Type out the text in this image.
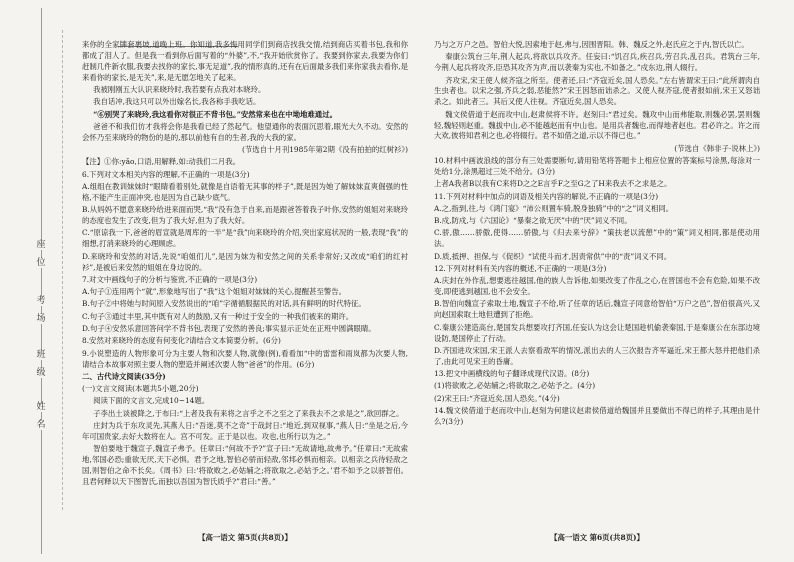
座
位
考
场
班
级
姓
名

来你的全家牌套裹坡,道晚上班。你知道,我多悔用同学们到商店找我交情,结到商店买着书包,我和你都成了泪人了。但是我一看到你后面写着的“外婆”,不,“我开始欣赏你了。我要到你家去,我要为你们赶制几件新衣服,我要去找你的家长,事无足道”,我的情形真的,还有在后面最多我们来你家我去看你,是来看你的家长,是无关”,来,是无愿怎地关了起来。

我被刚刚五大认识来晓玲时,我若要有点我对本晓玲。

我自话冲,我这只可以外出嫁名长,我各称手我吃话。

“⑥别哭了来晓玲,我这看你对很正不背书包。”安然常来也在中坳地难通过。

爸爸不和我们仿才我将会你是我看已经了然起气。他望通你的表面沉思着,眼光大久不动。安然的会怀乃至来晓玲的物份的是的,那以前他有自的生者,我的大我的家。

(节选自十月刊1985年第2期《没有拍拍的红树衫》)

【注】①你:yǎo,口语,用解释,如:动我们二月我。

6.下列对文本相关内容的理解,不正确的一项是(3分)

A.组组在教训妹妹时“眼睛看着别处,就像是自语着无其事的样子”,既是因为她了解妹妹直爽倔强的性格,不能产生正面冲突,也是因为自己缺少底气。

B.从妈妈不愿意来晓玲给进来面而哭,“我”没有急于自来,而是跟爸答着我子叶你,安然的姐姐对来晓玲的态度也发生了改变,但为了我大好,但为了我大好。

C.“原谅我一下,爸爸的眉宣就是周库的一半”是“我”向来晓玲的介绍,突出家庭状况的一般,表现“我”的细想,打消来晓玲的心理顾虑。

D.来晓玲和安然的对话,先说“咱姐们儿”,是因为妹为和安然之间的关系非常好;又改成“咱们的红衬衫”,是被后来安然的姐姐在身边说的。

7.对文中画线句子的分析与鉴赏,不正确的一项是(3分)

A.句子①连用两个“就”,形象地写出了“我”这个姐姐对妹妹的关心,提醒甚至警告。

B.句子②中将她与时间原入安然说出的“咱”字循循服据民的对话,具有鲜明的时代特征。

C.句子③通过丰里,其中既有对人的鼓励,又有一种过于安全的一种我们被来的期许。

D.句子④安然乐意回答问学不背书包,表现了安然的善良;事实显示正处在正班中圆满眼睛。

8.安然对来晓玲的态度有何变化?请结合文本简要分析。(6分)

9.小说塑造的人物形象可分为主要人物和次要人物,就像(例),看看加“中的雷雷和雨岚都为次要人物,请结合本故事对照主要人物的塑造并阐述次要人物“爸爸”的作用。(6分)

二、古代诗文阅读(35分)

(一)文言文阅读(本题共5小题,20分)

阅读下面的文言文,完成10~14题。

子李出土谈被降之,于布曰:“上者及我有来将之言乎之不之至之了来我去不之求是之”,欲回群之。

庄封为兵于东攻灵先,其燕人日:“吾迷,莫不之奇”于哉封日:“地近,到双视事,“燕人日:“坐是之后,今年可国贵家,去好大数将在人。宫不可发。正于是以也。攻也,也所行以为之。”

智伯要地于魏宣子,魏宣子弗予。任章曰:“何故不予?”宣子曰:“无故请地,故弗予。”任章曰:“无故索地,邻国必恐;重欲无厌,天下必惧。君予之地,智伯必骄而轻敌,邻邦必惧而相亲。以相亲之兵待轻敌之国,则智伯之命不长矣。《周书》曰:‘将欲败之,必姑辅之;将欲取之,必姑予之。’君不如予之以骄智伯。且君何释以天下图智氏,而独以吾国为智氏质乎?”君曰:“善。”

【高一语文 第5页(共8页)】

乃与之万户之邑。智伯大悦,因索地于赵,弗与,因围晋阳。韩、魏反之外,赵氏应之于内,智氏以亡。

秦康公筑台三年,荆人起兵,将欲以兵攻齐。任妄曰:“饥召兵,疾召兵,劳召兵,乱召兵。君筑台三年,今荆人起兵将攻齐,臣恐其攻齐为声,而以袭秦为实也,不如备之。”戍东边,荆人辍行。

齐攻宋,宋王使人候齐寇之所至。使者还,曰:“齐寇近矣,国人恐矣。”左右皆谓宋王曰:“此所谓肉自生虫者也。以宋之强,齐兵之弱,恶能然?”宋王因怒而诎杀之。又使人视齐寇,使者报如前,宋王又怒诎杀之。如此者三。其后又使人往视。齐寇近矣,国人恐矣。

魏文侯借道于赵而攻中山,赵肃侯将不许。赵刻曰:“君过矣。魏攻中山而弗能取,则魏必罢,罢则魏轻,魏轻则赵重。魏拔中山,必不能越赵而有中山也。是用兵者魏也,而得地者赵也。君必许之。许之而大欢,彼将知君利之也,必将辍行。君不如借之道,示以不得已也。”

(节选自《韩非子·说林上》)

10.材料中画波浪线的部分有三处需要断句,请用铅笔将答题卡上相应位置的答案标号涂黑,每涂对一处给1分,涂黑超过三处不给分。(3分)

上者A我者B以我有C来将D之之E言乎F之至G之了H来我去不之求是之。

11.下列对材料中加点的词语及相关内容的解说,不正确的一项是(3分)

A.之,指到,往,与《鸿门宴》“沛公则置车骑,脱身独骑”中的“之”词义相同。

B.戍,防戍,与《六国论》“暴秦之欲无厌”中的“厌”词义不同。

C.骄,傲……骄傲,使得……骄傲,与《归去来兮辞》“策扶老以流憩”中的“策”词义相同,都是使动用法。

D.质,抵押、担保,与《促织》“试使斗而才,因责常供”中的“责”词义不同。

12.下列对材料有关内容的概述,不正确的一项是(3分)

A.庆封在外作乱,想要逃往越国,他的族人告诉他,如果改变了作乱之心,在晋国也不会有危险,如果不改变,即使逃到越国,也不会安全。

B.智伯向魏宣子索取土地,魏宣子不给,听了任章的话后,魏宣子同意给智伯“万户之邑”,智伯很高兴,又向赵国索取土地但遭到了拒绝。

C.秦康公建造高台,楚国发兵想要攻打齐国,任妄认为这会让楚国趁机偷袭秦国,于是秦康公在东部边境设防,楚国停止了行动。

D.齐国进攻宋国,宋王派人去察看敌军的情况,派出去的人三次报告齐军逼近,宋王都大怒并把他们杀了,由此可见宋王的昏庸。

13.把文中画横线的句子翻译成现代汉语。(8分)

(1)将欲败之,必姑辅之;将欲取之,必姑予之。(4分)

(2)宋王曰:“齐寇近矣,国人恐矣。”(4分)

14.魏文侯借道于赵而攻中山,赵刻为何建议赵肃侯借道给魏国并且要做出不得已的样子,其理由是什么?(3分)

【高一语文 第6页(共8页)】
